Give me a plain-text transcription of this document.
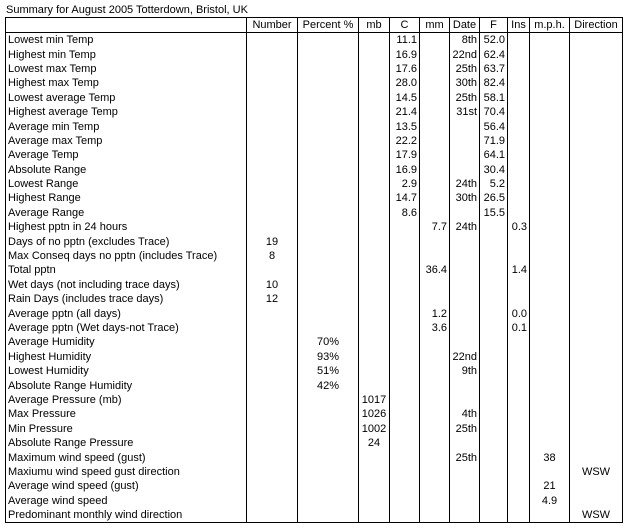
Summary for August 2005 Totterdown, Bristol, UK
	Number	Percent %	mb	C	mm	Date	F	Ins	m.p.h.	Direction
Lowest min Temp				11.1		8th	52.0			
Highest min Temp				16.9		22nd	62.4			
Lowest max Temp				17.6		25th	63.7			
Highest max Temp				28.0		30th	82.4			
Lowest average Temp				14.5		25th	58.1			
Highest average Temp				21.4		31st	70.4			
Average min Temp				13.5			56.4			
Average max Temp				22.2			71.9			
Average Temp				17.9			64.1			
Absolute Range				16.9			30.4			
Lowest Range				2.9		24th	5.2			
Highest Range				14.7		30th	26.5			
Average Range				8.6			15.5			
Highest pptn in 24 hours					7.7	24th		0.3		
Days of no pptn (excludes Trace)	19									
Max Conseq days no pptn (includes Trace)	8									
Total pptn					36.4			1.4		
Wet days (not including trace days)	10									
Rain Days (includes trace days)	12									
Average pptn (all days)					1.2			0.0		
Average pptn (Wet days-not Trace)					3.6			0.1		
Average Humidity		70%								
Highest Humidity		93%				22nd				
Lowest Humidity		51%				9th				
Absolute Range Humidity		42%								
Average Pressure (mb)			1017							
Max Pressure			1026			4th				
Min Pressure			1002			25th				
Absolute Range Pressure			24							
Maximum wind speed (gust)						25th			38	
Maxiumu wind speed gust direction										WSW
Average wind speed (gust)									21	
Average wind speed									4.9	
Predominant monthly wind direction										WSW
